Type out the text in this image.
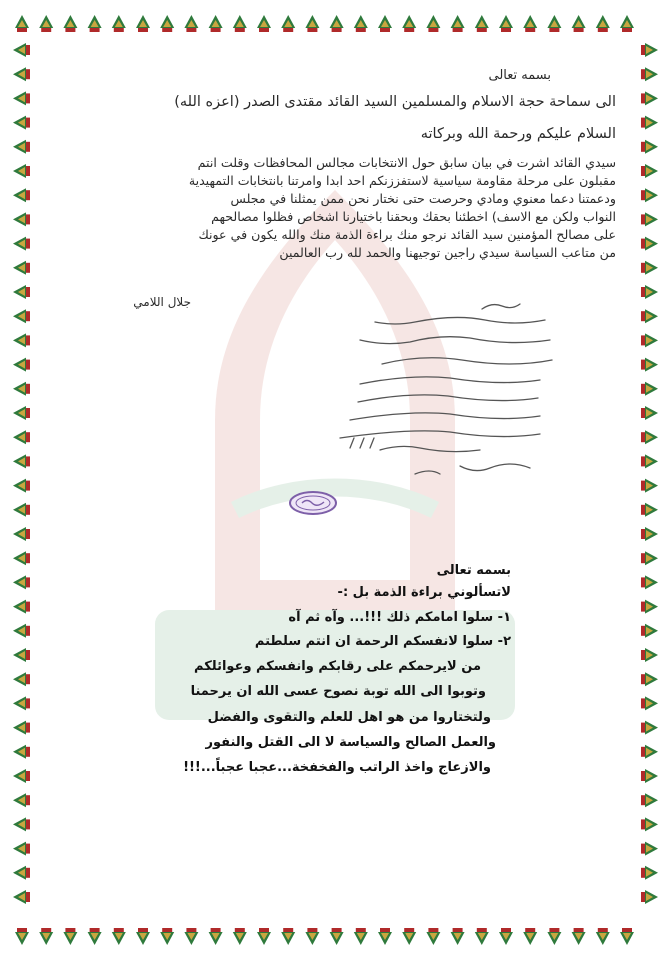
بسمه تعالى
الى سماحة حجة الاسلام والمسلمين السيد القائد مقتدى الصدر (اعزه الله)
السلام عليكم ورحمة الله وبركاته
سيدي القائد اشرت في بيان سابق حول الانتخابات مجالس المحافظات وقلت انتم
مقبلون على مرحلة مقاومة سياسية لاستفززنكم احد ابدا وامرتنا بانتخابات التمهيدية
ودعمتنا دعما معنوي ومادي وحرصت حتى نختار نحن ممن يمثلنا في مجلس
النواب ولكن مع الاسف) اخطئنا بحقك وبحقنا باختيارنا اشخاص فظلوا مصالحهم
على مصالح المؤمنين سيد القائد نرجو منك براءة الذمة منك والله يكون في عونك
من متاعب السياسة سيدي راجين توجيهنا والحمد لله رب العالمين
جلال اللامي
بسمه تعالى
لاتسألوني براءة الذمة بل :-
١- سلوا امامكم ذلك !!!... وآه ثم آه
٢- سلوا لانفسكم الرحمة ان انتم سلطتم
من لايرحمكم على رقابكم وانفسكم وعوائلكم
وتوبوا الى الله توبة نصوح عسى الله ان يرحمنا
ولتختاروا من هو اهل للعلم والتقوى والفضل
والعمل الصالح والسياسة لا الى القتل والنفور
والازعاج واخذ الراتب والفخفخة...عجبا عجباً...!!!
